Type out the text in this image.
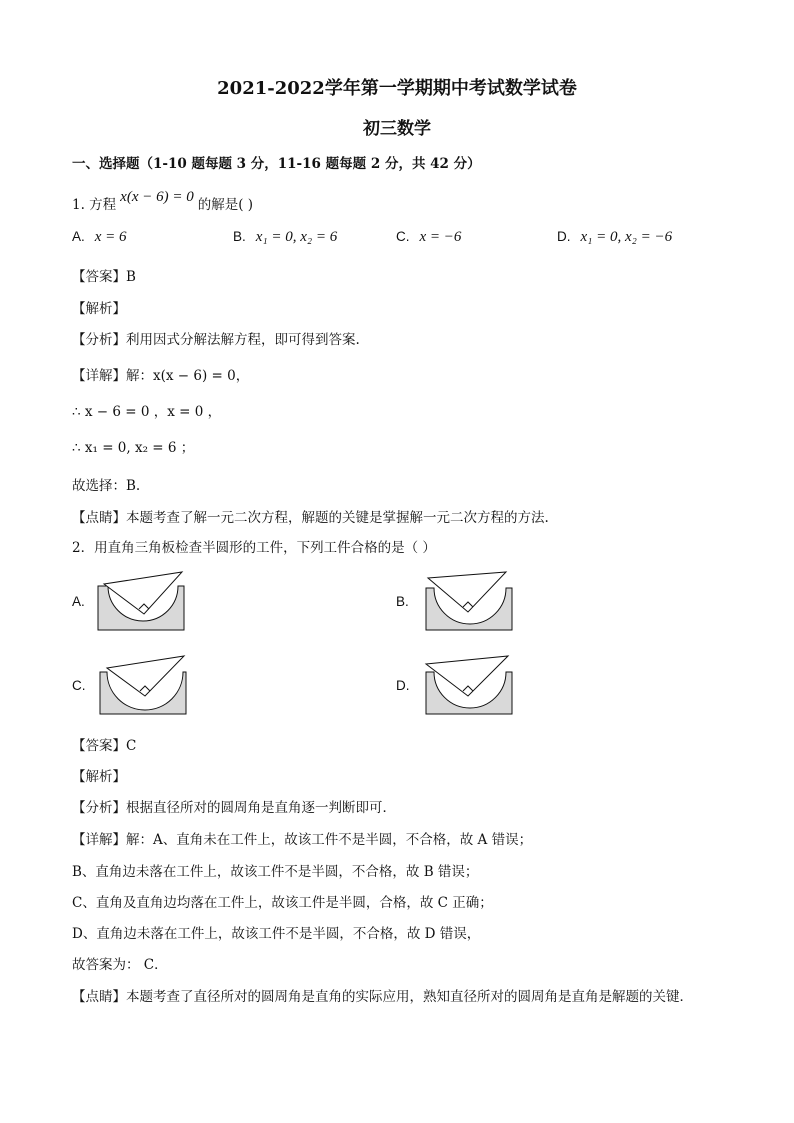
2021-2022学年第一学期期中考试数学试卷
初三数学
一、选择题（1-10 题每题 3 分，11-16 题每题 2 分，共 42 分）
1. 方程 x(x − 6) = 0 的解是( )
A. x = 6	B. x₁ = 0, x₂ = 6	C. x = −6	D. x₁ = 0, x₂ = −6
【答案】B
【解析】
【分析】利用因式分解法解方程，即可得到答案.
【详解】解：x(x − 6) = 0，
∴ x − 6 = 0 ，x = 0 ，
∴ x₁ = 0, x₂ = 6 ；
故选择：B.
【点睛】本题考查了解一元二次方程，解题的关键是掌握解一元二次方程的方法.
2．用直角三角板检查半圆形的工件，下列工件合格的是（ ）
A.	B.
C.	D.
【答案】C
【解析】
【分析】根据直径所对的圆周角是直角逐一判断即可．
【详解】解：A、直角未在工件上，故该工件不是半圆，不合格，故 A 错误；
B、直角边未落在工件上，故该工件不是半圆，不合格，故 B 错误；
C、直角及直角边均落在工件上，故该工件是半圆，合格，故 C 正确；
D、直角边未落在工件上，故该工件不是半圆，不合格，故 D 错误，
故答案为： C．
【点睛】本题考查了直径所对的圆周角是直角的实际应用，熟知直径所对的圆周角是直角是解题的关键．
